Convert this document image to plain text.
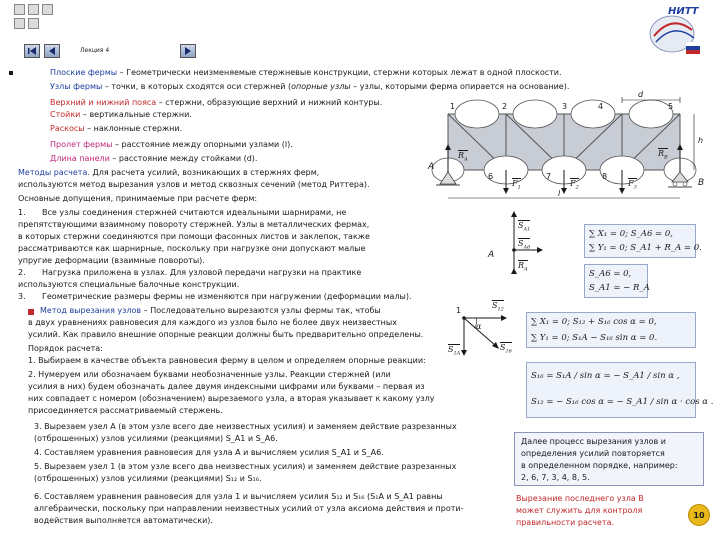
Лекция 4
НИТТ
Плоские фермы – Геометрически неизменяемые стержневые конструкции, стержни которых лежат в одной плоскости.
Узлы фермы – точки, в которых сходятся оси стержней (опорные узлы – узлы, которыми ферма опирается на основание).
Верхний и нижний пояса – стержни, образующие верхний и нижний контуры.
Стойки – вертикальные стержни.
Раскосы – наклонные стержни.
Пролет фермы – расстояние между опорными узлами (l).
Длина панели – расстояние между стойками (d).
1	2	3	4	5
6	7	8
d
h
l
A
B
$R_A$
$R_B$
$F_1$	$F_2$	$F_3$
Методы расчета. Для расчета усилий, возникающих в стержнях ферм,
используются метод вырезания узлов и метод сквозных сечений (метод Риттера).
Основные допущения, принимаемые при расчете ферм:
1. Все узлы соединения стержней считаются идеальными шарнирами, не
препятствующими взаимному повороту стержней. Узлы в металлических фермах,
в которых стержни соединяются при помощи фасонных листов и заклепок, также
рассматриваются как шарнирные, поскольку при нагрузке они допускают малые
упругие деформации (взаимные повороты).
2. Нагрузка приложена в узлах. Для узловой передачи нагрузки на практике
используются специальные балочные конструкции.
3. Геометрические размеры фермы не изменяются при нагружении (деформации малы).
$S_{A1}$
$S_{A6}$
A
$R_A$
∑ X₁ = 0; S_A6 = 0,
∑ Y₁ = 0; S_A1 + R_A = 0.
S_A6 = 0,
S_A1 = − R_A
Метод вырезания узлов – Последовательно вырезаются узлы фермы так, чтобы
в двух уравнениях равновесия для каждого из узлов было не более двух неизвестных
усилий. Как правило внешние опорные реакции должны быть предварительно определены.
Порядок расчета:
1. Выбираем в качестве объекта равновесия ферму в целом и определяем опорные реакции:
2. Нумеруем или обозначаем буквами необозначенные узлы. Реакции стержней (или
усилия в них) будем обозначать далее двумя индексными цифрами или буквами – первая из
них совпадает с номером (обозначением) вырезаемого узла, а вторая указывает к какому узлу
присоединяется рассматриваемый стержень.
1
$S_{12}$
α
$S_{1A}$
$S_{16}$
∑ X₁ = 0; S₁₂ + S₁₆ cos α = 0,
∑ Y₁ = 0; S₁A − S₁₆ sin α = 0.
S₁₆ = S₁A / sin α = − S_A1 / sin α ,
S₁₂ = − S₁₆ cos α = − S_A1 / sin α · cos α .
3. Вырезаем узел A (в этом узле всего две неизвестных усилия) и заменяем действие разрезанных
(отброшенных) узлов усилиями (реакциями) S_A1 и S_A6.
4. Составляем уравнения равновесия для узла A и вычисляем усилия S_A1 и S_A6.
5. Вырезаем узел 1 (в этом узле всего два неизвестных усилия) и заменяем действие разрезанных
(отброшенных) узлов усилиями (реакциями) S₁₂ и S₁₆.
6. Составляем уравнения равновесия для узла 1 и вычисляем усилия S₁₂ и S₁₆ (S₁A и S_A1 равны
алгебраически, поскольку при направлении неизвестных усилий от узла аксиома действия и проти-
водействия выполняется автоматически).
Далее процесс вырезания узлов и
определения усилий повторяется
в определенном порядке, например:
2, 6, 7, 3, 4, 8, 5.
Вырезание последнего узла B
может служить для контроля
правильности расчета.
10
